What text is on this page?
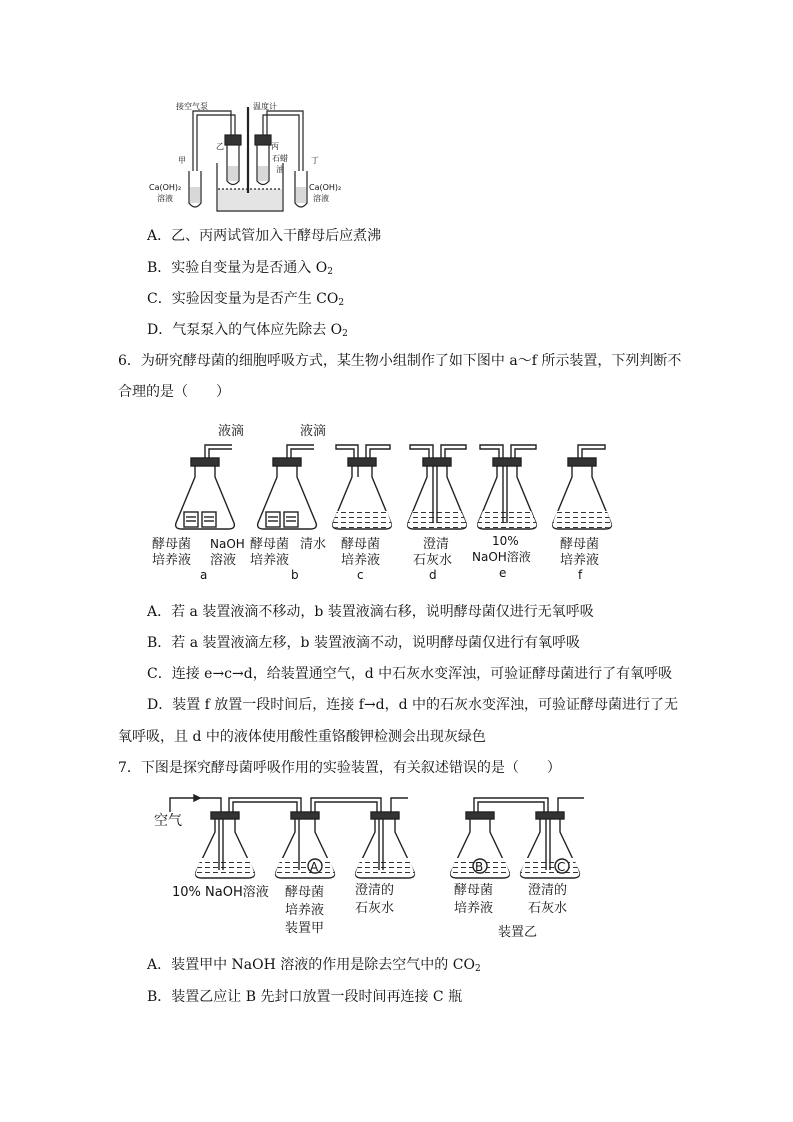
接空气泵	温度计
乙	丙
甲	丁
石蜡
油
Ca(OH)₂
溶液
Ca(OH)₂
溶液
A．乙、丙两试管加入干酵母后应煮沸
B．实验自变量为是否通入 $O_2$
C．实验因变量为是否产生 $CO_2$
D．气泵泵入的气体应先除去 $O_2$
6．为研究酵母菌的细胞呼吸方式，某生物小组制作了如下图中 a～f 所示装置，下列判断不
合理的是（　　）
液滴	液滴
酵母菌
培养液
NaOH
溶液
a
酵母菌
培养液
清水
b
酵母菌
培养液
c
澄清
石灰水
d
10%
NaOH溶液
e
酵母菌
培养液
f
A．若 a 装置液滴不移动，b 装置液滴右移，说明酵母菌仅进行无氧呼吸
B．若 a 装置液滴左移，b 装置液滴不动，说明酵母菌仅进行有氧呼吸
C．连接 e→c→d，给装置通空气，d 中石灰水变浑浊，可验证酵母菌进行了有氧呼吸
D．装置 f 放置一段时间后，连接 f→d，d 中的石灰水变浑浊，可验证酵母菌进行了无
氧呼吸，且 d 中的液体使用酸性重铬酸钾检测会出现灰绿色
7．下图是探究酵母菌呼吸作用的实验装置，有关叙述错误的是（　　）
空气
A	B	C
10% NaOH溶液 酵母菌
培养液
装置甲
澄清的
石灰水
酵母菌
培养液
澄清的
石灰水
装置乙
A．装置甲中 NaOH 溶液的作用是除去空气中的 $CO_2$
B．装置乙应让 B 先封口放置一段时间再连接 C 瓶
